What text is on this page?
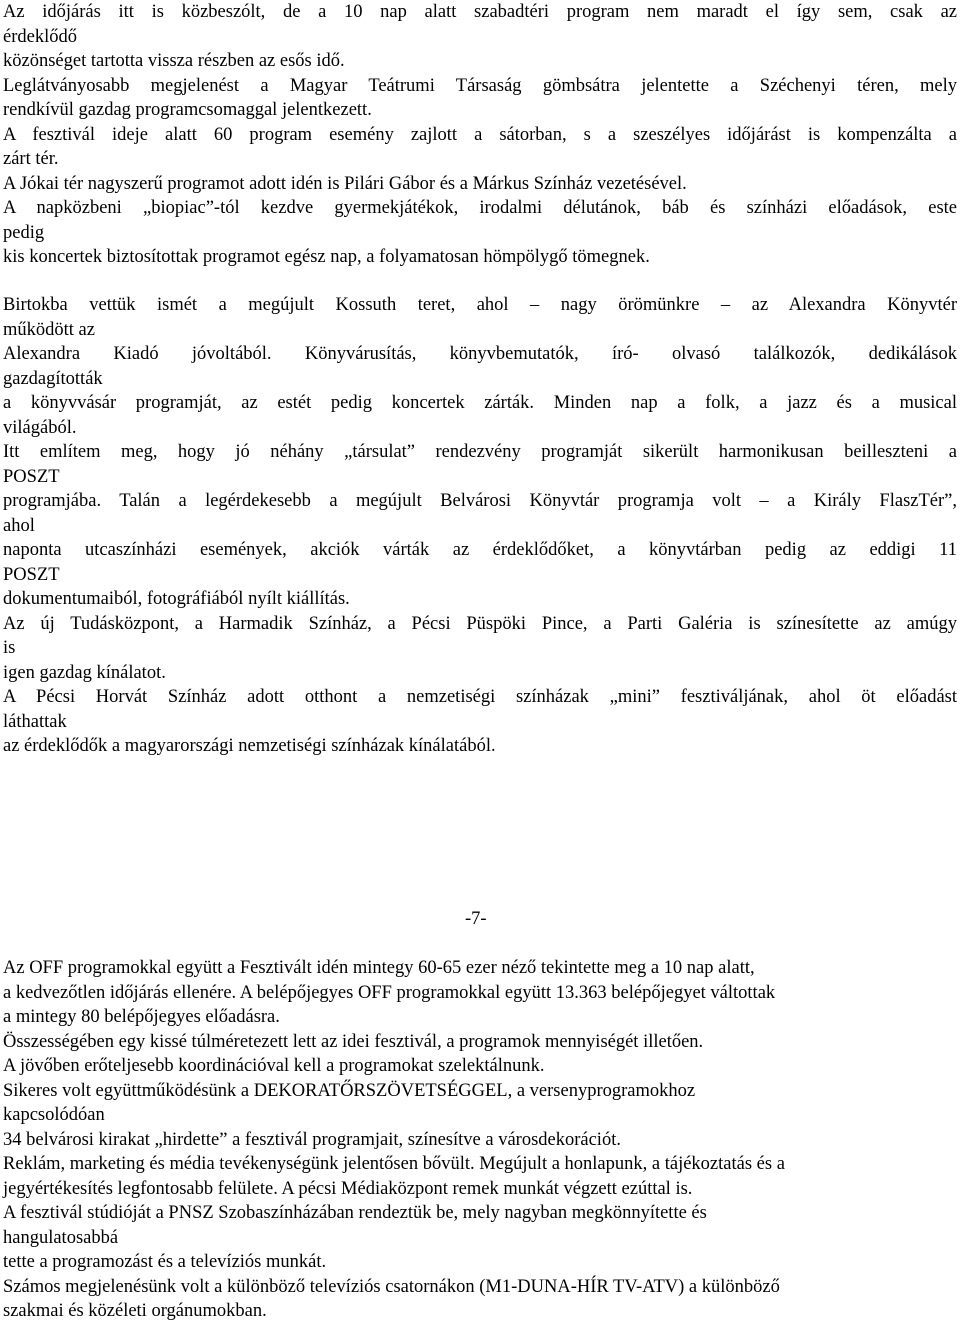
Az időjárás itt is közbeszólt, de a 10 nap alatt szabadtéri program nem maradt el így sem, csak az
érdeklődő
közönséget tartotta vissza részben az esős idő.
Leglátványosabb megjelenést a Magyar Teátrumi Társaság gömbsátra jelentette a Széchenyi téren, mely
rendkívül gazdag programcsomaggal jelentkezett.
A fesztivál ideje alatt 60 program esemény zajlott a sátorban, s a szeszélyes időjárást is kompenzálta a
zárt tér.
A Jókai tér nagyszerű programot adott idén is Pilári Gábor és a Márkus Színház vezetésével.
A napközbeni „biopiac”-tól kezdve gyermekjátékok, irodalmi délutánok, báb és színházi előadások, este
pedig
kis koncertek biztosítottak programot egész nap, a folyamatosan hömpölygő tömegnek.
Birtokba vettük ismét a megújult Kossuth teret, ahol – nagy örömünkre – az Alexandra Könyvtér
működött az
Alexandra Kiadó jóvoltából. Könyvárusítás, könyvbemutatók, író- olvasó találkozók, dedikálások
gazdagították
a könyvvásár programját, az estét pedig koncertek zárták. Minden nap a folk, a jazz és a musical
világából.
Itt említem meg, hogy jó néhány „társulat” rendezvény programját sikerült harmonikusan beilleszteni a
POSZT
programjába. Talán a legérdekesebb a megújult Belvárosi Könyvtár programja volt – a Király FlaszTér”,
ahol
naponta utcaszínházi események, akciók várták az érdeklődőket, a könyvtárban pedig az eddigi 11
POSZT
dokumentumaiból, fotográfiából nyílt kiállítás.
Az új Tudásközpont, a Harmadik Színház, a Pécsi Püspöki Pince, a Parti Galéria is színesítette az amúgy
is
igen gazdag kínálatot.
A Pécsi Horvát Színház adott otthont a nemzetiségi színházak „mini” fesztiváljának, ahol öt előadást
láthattak
az érdeklődők a magyarországi nemzetiségi színházak kínálatából.
-7-
Az OFF programokkal együtt a Fesztivált idén mintegy 60-65 ezer néző tekintette meg a 10 nap alatt,
a kedvezőtlen időjárás ellenére. A belépőjegyes OFF programokkal együtt 13.363 belépőjegyet váltottak
a mintegy 80 belépőjegyes előadásra.
Összességében egy kissé túlméretezett lett az idei fesztivál, a programok mennyiségét illetően.
A jövőben erőteljesebb koordinációval kell a programokat szelektálnunk.
Sikeres volt együttműködésünk a DEKORATŐRSZÖVETSÉGGEL, a versenyprogramokhoz
kapcsolódóan
34 belvárosi kirakat „hirdette” a fesztivál programjait, színesítve a városdekorációt.
Reklám, marketing és média tevékenységünk jelentősen bővült. Megújult a honlapunk, a tájékoztatás és a
jegyértékesítés legfontosabb felülete. A pécsi Médiaközpont remek munkát végzett ezúttal is.
A fesztivál stúdióját a PNSZ Szobaszínházában rendeztük be, mely nagyban megkönnyítette és
hangulatosabbá
tette a programozást és a televíziós munkát.
Számos megjelenésünk volt a különböző televíziós csatornákon (M1-DUNA-HÍR TV-ATV) a különböző
szakmai és közéleti orgánumokban.
